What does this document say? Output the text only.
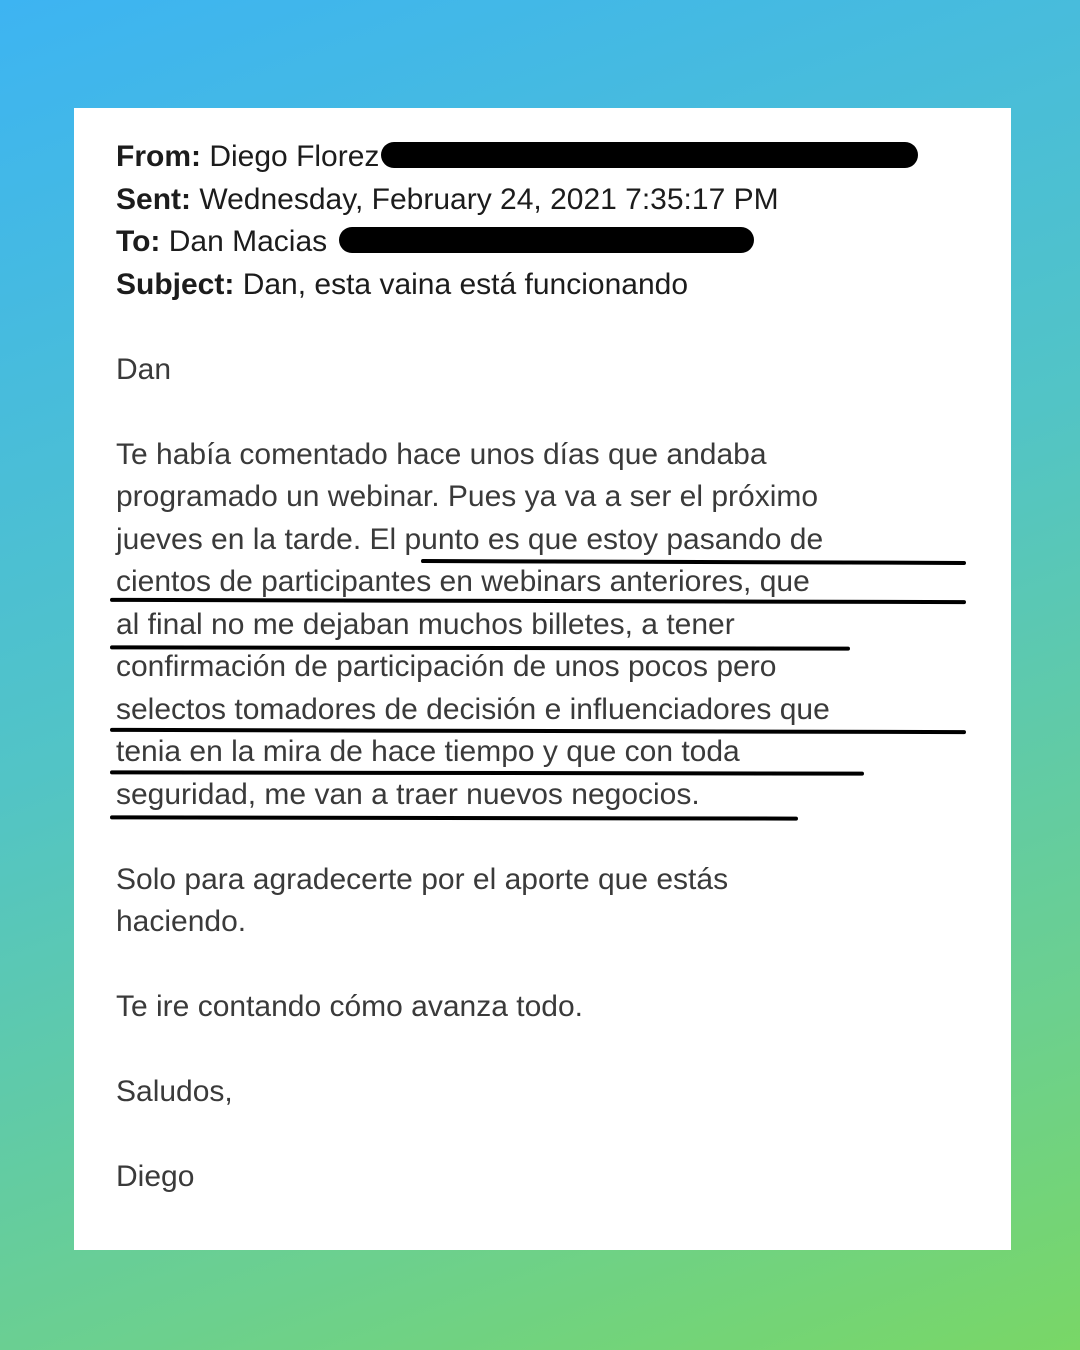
From: Diego Florez
Sent: Wednesday, February 24, 2021 7:35:17 PM
To: Dan Macias
Subject: Dan, esta vaina está funcionando
Dan
Te había comentado hace unos días que andaba
programado un webinar. Pues ya va a ser el próximo
jueves en la tarde. El punto es que estoy pasando de
cientos de participantes en webinars anteriores, que
al final no me dejaban muchos billetes, a tener
confirmación de participación de unos pocos pero
selectos tomadores de decisión e influenciadores que
tenia en la mira de hace tiempo y que con toda
seguridad, me van a traer nuevos negocios.
Solo para agradecerte por el aporte que estás
haciendo.
Te ire contando cómo avanza todo.
Saludos,
Diego
